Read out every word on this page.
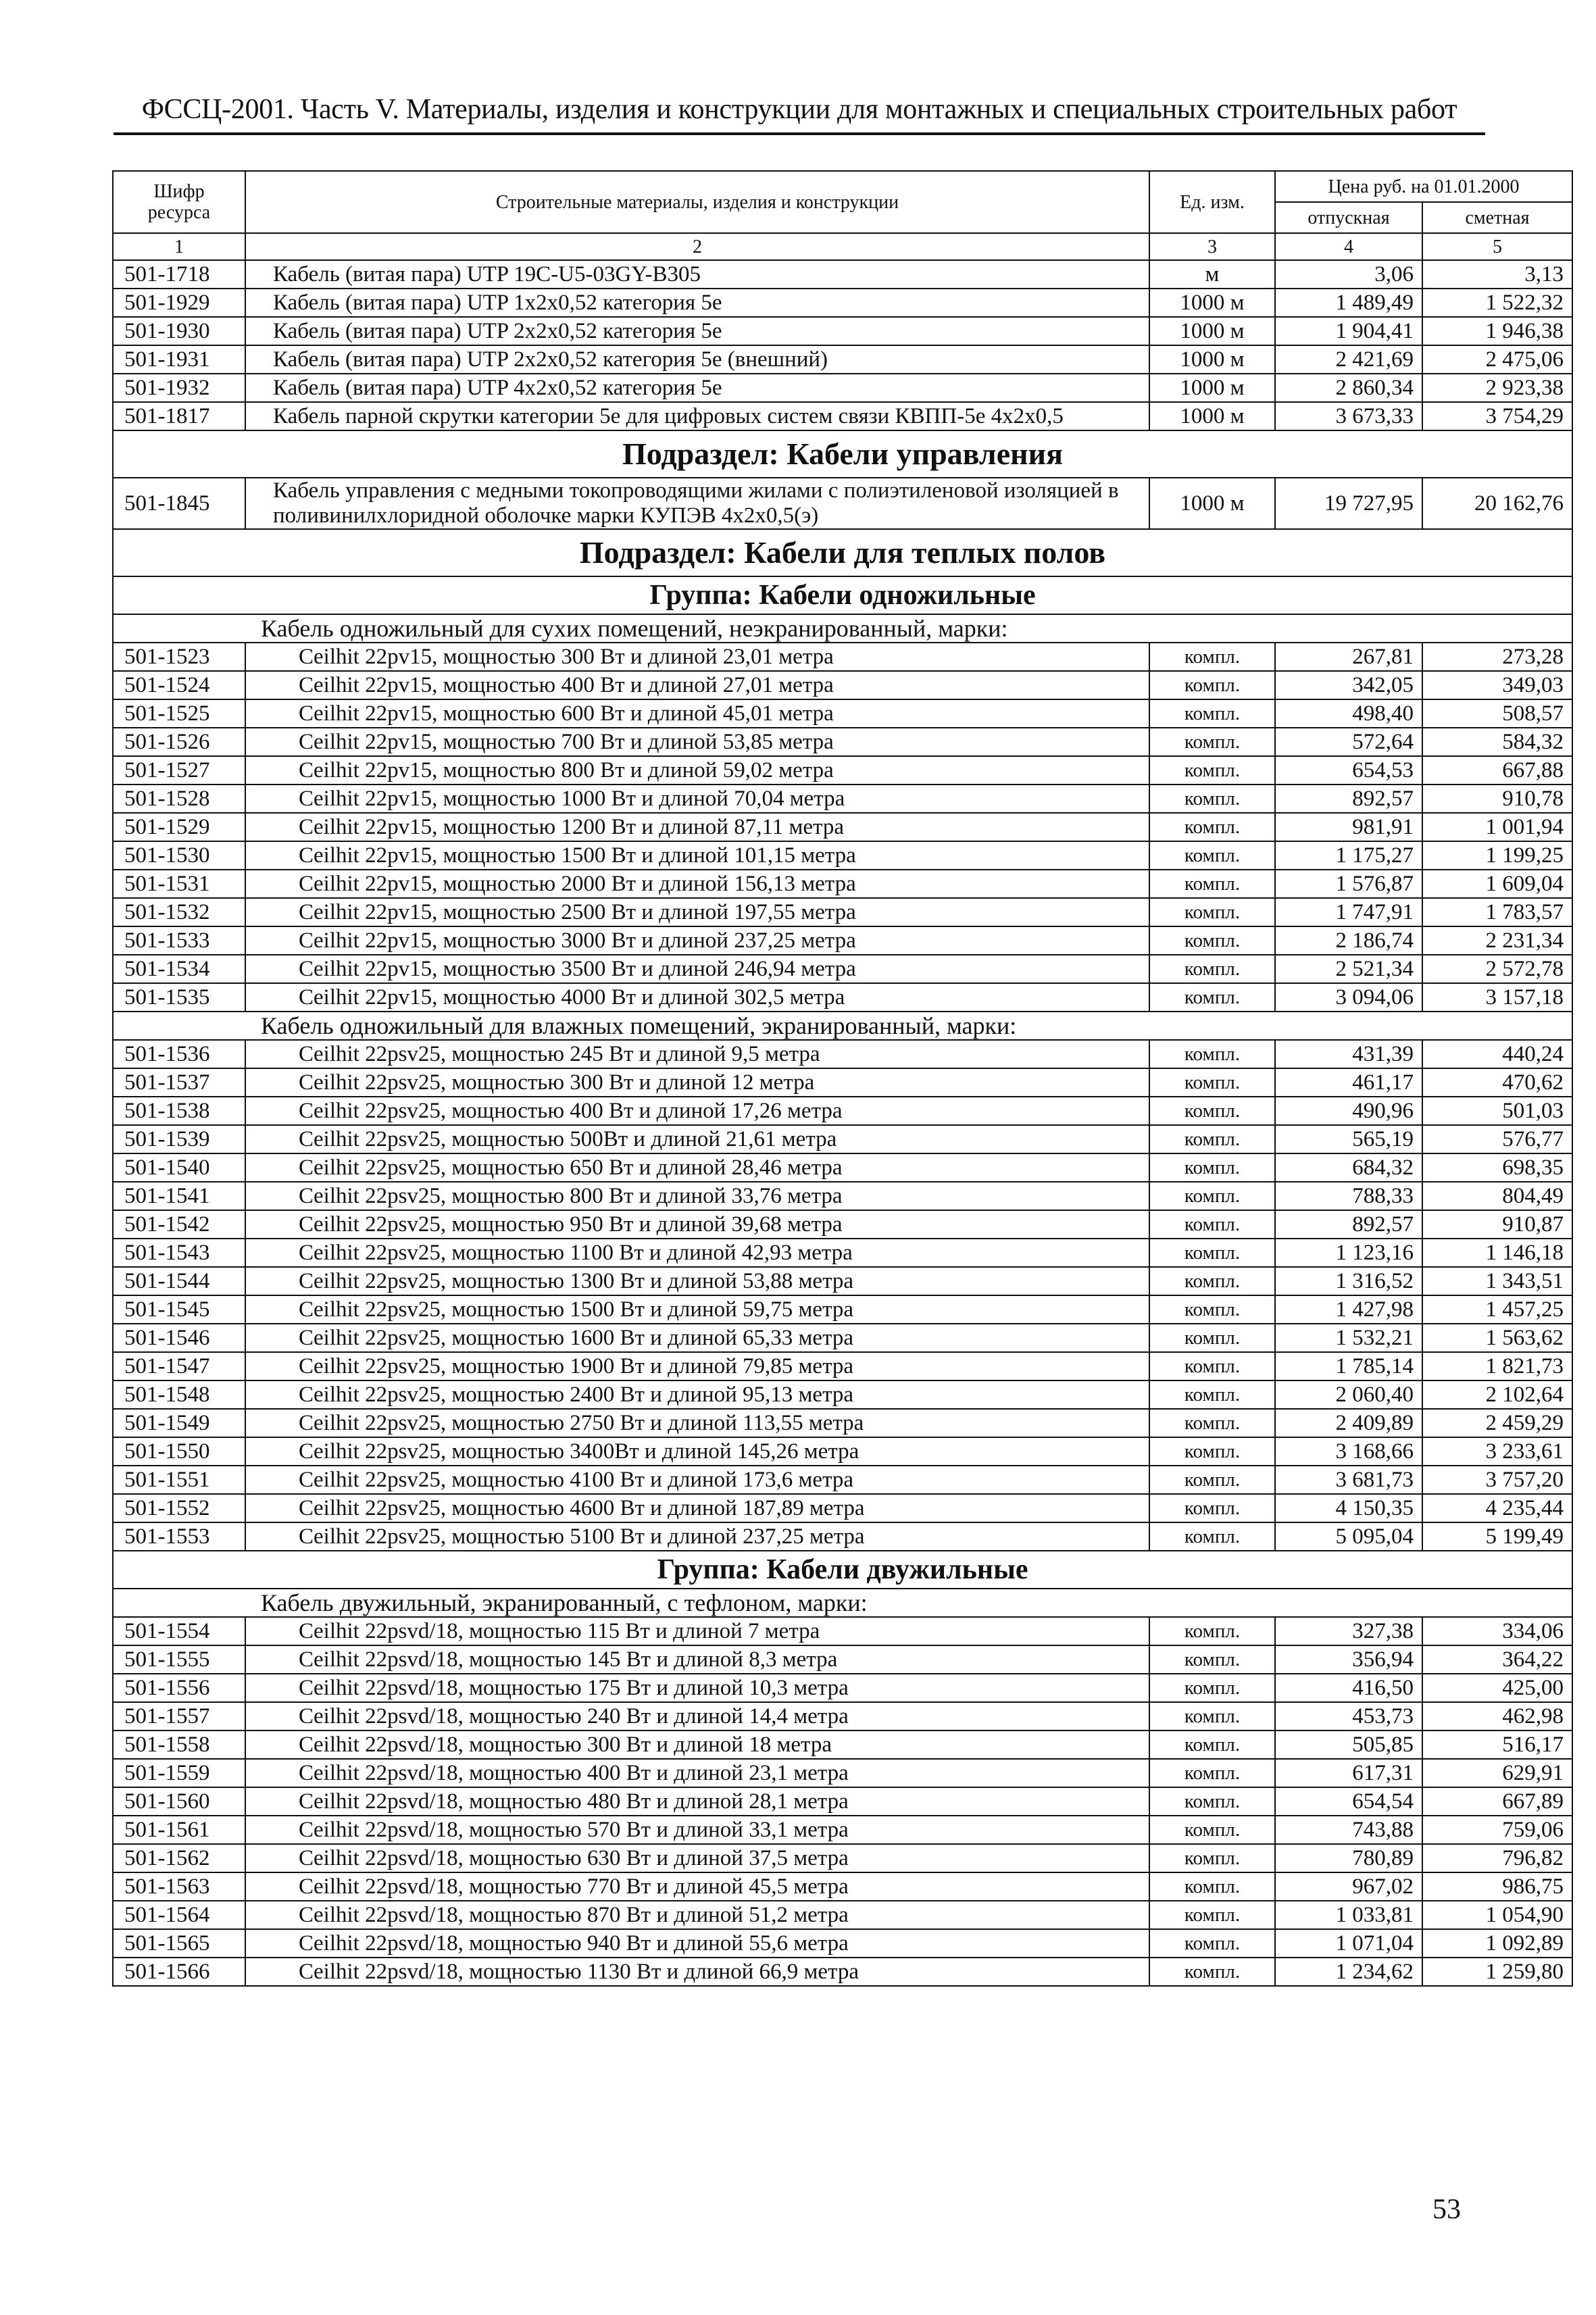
ФССЦ-2001. Часть V. Материалы, изделия и конструкции для монтажных и специальных строительных работ
Шифр ресурса	Строительные материалы, изделия и конструкции	Ед. изм.	Цена руб. на 01.01.2000	
			отпускная	сметная
1	2	3	4	5
501-1718	Кабель (витая пара) UTP 19C-U5-03GY-B305	м	3,06	3,13
501-1929	Кабель (витая пара) UTP 1x2x0,52 категория 5е	1000 м	1 489,49	1 522,32
501-1930	Кабель (витая пара) UTP 2x2x0,52 категория 5е	1000 м	1 904,41	1 946,38
501-1931	Кабель (витая пара) UTP 2x2x0,52 категория 5е (внешний)	1000 м	2 421,69	2 475,06
501-1932	Кабель (витая пара) UTP 4x2x0,52 категория 5е	1000 м	2 860,34	2 923,38
501-1817	Кабель парной скрутки категории 5е для цифровых систем связи КВПП-5е 4х2х0,5	1000 м	3 673,33	3 754,29
Подраздел: Кабели управления				
501-1845	Кабель управления с медными токопроводящими жилами с полиэтиленовой изоляцией в поливинилхлоридной оболочке марки КУПЭВ 4х2х0,5(э)	1000 м	19 727,95	20 162,76
Подраздел: Кабели для теплых полов				
Группа: Кабели одножильные				
Кабель одножильный для сухих помещений, неэкранированный, марки:				
501-1523	Ceilhit 22pv15, мощностью 300 Вт и длиной 23,01 метра	компл.	267,81	273,28
501-1524	Ceilhit 22pv15, мощностью 400 Вт и длиной 27,01 метра	компл.	342,05	349,03
501-1525	Ceilhit 22pv15, мощностью 600 Вт и длиной 45,01 метра	компл.	498,40	508,57
501-1526	Ceilhit 22pv15, мощностью 700 Вт и длиной 53,85 метра	компл.	572,64	584,32
501-1527	Ceilhit 22pv15, мощностью 800 Вт и длиной 59,02 метра	компл.	654,53	667,88
501-1528	Ceilhit 22pv15, мощностью 1000 Вт и длиной 70,04 метра	компл.	892,57	910,78
501-1529	Ceilhit 22pv15, мощностью 1200 Вт и длиной 87,11 метра	компл.	981,91	1 001,94
501-1530	Ceilhit 22pv15, мощностью 1500 Вт и длиной 101,15 метра	компл.	1 175,27	1 199,25
501-1531	Ceilhit 22pv15, мощностью 2000 Вт и длиной 156,13 метра	компл.	1 576,87	1 609,04
501-1532	Ceilhit 22pv15, мощностью 2500 Вт и длиной 197,55 метра	компл.	1 747,91	1 783,57
501-1533	Ceilhit 22pv15, мощностью 3000 Вт и длиной 237,25 метра	компл.	2 186,74	2 231,34
501-1534	Ceilhit 22pv15, мощностью 3500 Вт и длиной 246,94 метра	компл.	2 521,34	2 572,78
501-1535	Ceilhit 22pv15, мощностью 4000 Вт и длиной 302,5 метра	компл.	3 094,06	3 157,18
Кабель одножильный для влажных помещений, экранированный, марки:				
501-1536	Ceilhit 22psv25, мощностью 245 Вт и длиной 9,5 метра	компл.	431,39	440,24
501-1537	Ceilhit 22psv25, мощностью 300 Вт и длиной 12 метра	компл.	461,17	470,62
501-1538	Ceilhit 22psv25, мощностью 400 Вт и длиной 17,26 метра	компл.	490,96	501,03
501-1539	Ceilhit 22psv25, мощностью 500Вт и длиной 21,61 метра	компл.	565,19	576,77
501-1540	Ceilhit 22psv25, мощностью 650 Вт и длиной 28,46 метра	компл.	684,32	698,35
501-1541	Ceilhit 22psv25, мощностью 800 Вт и длиной 33,76 метра	компл.	788,33	804,49
501-1542	Ceilhit 22psv25, мощностью 950 Вт и длиной 39,68 метра	компл.	892,57	910,87
501-1543	Ceilhit 22psv25, мощностью 1100 Вт и длиной 42,93 метра	компл.	1 123,16	1 146,18
501-1544	Ceilhit 22psv25, мощностью 1300 Вт и длиной 53,88 метра	компл.	1 316,52	1 343,51
501-1545	Ceilhit 22psv25, мощностью 1500 Вт и длиной 59,75 метра	компл.	1 427,98	1 457,25
501-1546	Ceilhit 22psv25, мощностью 1600 Вт и длиной 65,33 метра	компл.	1 532,21	1 563,62
501-1547	Ceilhit 22psv25, мощностью 1900 Вт и длиной 79,85 метра	компл.	1 785,14	1 821,73
501-1548	Ceilhit 22psv25, мощностью 2400 Вт и длиной 95,13 метра	компл.	2 060,40	2 102,64
501-1549	Ceilhit 22psv25, мощностью 2750 Вт и длиной 113,55 метра	компл.	2 409,89	2 459,29
501-1550	Ceilhit 22psv25, мощностью 3400Вт и длиной 145,26 метра	компл.	3 168,66	3 233,61
501-1551	Ceilhit 22psv25, мощностью 4100 Вт и длиной 173,6 метра	компл.	3 681,73	3 757,20
501-1552	Ceilhit 22psv25, мощностью 4600 Вт и длиной 187,89 метра	компл.	4 150,35	4 235,44
501-1553	Ceilhit 22psv25, мощностью 5100 Вт и длиной 237,25 метра	компл.	5 095,04	5 199,49
Группа: Кабели двужильные				
Кабель двужильный, экранированный, с тефлоном, марки:				
501-1554	Ceilhit 22psvd/18, мощностью 115 Вт и длиной 7 метра	компл.	327,38	334,06
501-1555	Ceilhit 22psvd/18, мощностью 145 Вт и длиной 8,3 метра	компл.	356,94	364,22
501-1556	Ceilhit 22psvd/18, мощностью 175 Вт и длиной 10,3 метра	компл.	416,50	425,00
501-1557	Ceilhit 22psvd/18, мощностью 240 Вт и длиной 14,4 метра	компл.	453,73	462,98
501-1558	Ceilhit 22psvd/18, мощностью 300 Вт и длиной 18 метра	компл.	505,85	516,17
501-1559	Ceilhit 22psvd/18, мощностью 400 Вт и длиной 23,1 метра	компл.	617,31	629,91
501-1560	Ceilhit 22psvd/18, мощностью 480 Вт и длиной 28,1 метра	компл.	654,54	667,89
501-1561	Ceilhit 22psvd/18, мощностью 570 Вт и длиной 33,1 метра	компл.	743,88	759,06
501-1562	Ceilhit 22psvd/18, мощностью 630 Вт и длиной 37,5 метра	компл.	780,89	796,82
501-1563	Ceilhit 22psvd/18, мощностью 770 Вт и длиной 45,5 метра	компл.	967,02	986,75
501-1564	Ceilhit 22psvd/18, мощностью 870 Вт и длиной 51,2 метра	компл.	1 033,81	1 054,90
501-1565	Ceilhit 22psvd/18, мощностью 940 Вт и длиной 55,6 метра	компл.	1 071,04	1 092,89
501-1566	Ceilhit 22psvd/18, мощностью 1130 Вт и длиной 66,9 метра	компл.	1 234,62	1 259,80
53
